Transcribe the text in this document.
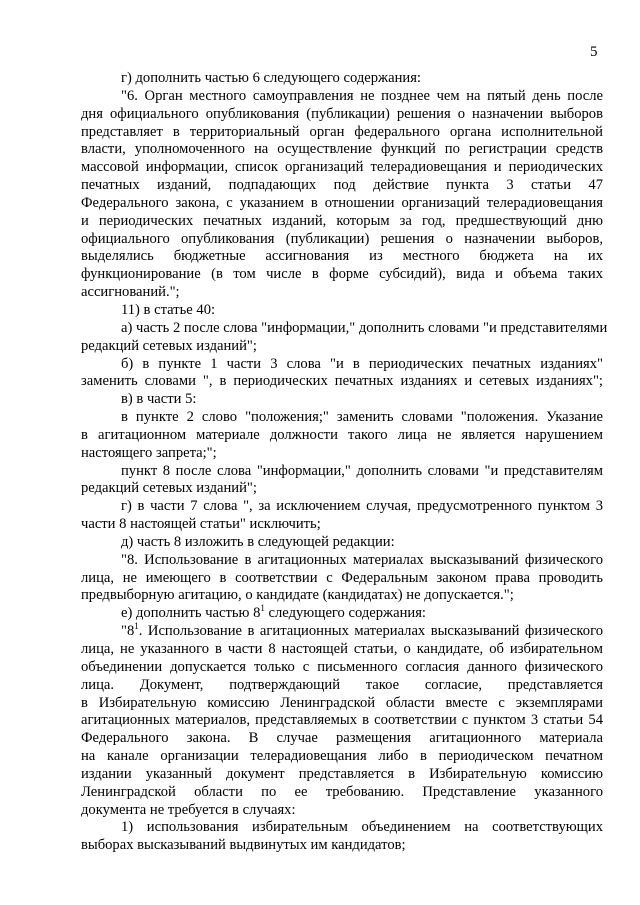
5
г) дополнить частью 6 следующего содержания:
"6. Орган местного самоуправления не позднее чем на пятый день после
дня официального опубликования (публикации) решения о назначении выборов
представляет в территориальный орган федерального органа исполнительной
власти, уполномоченного на осуществление функций по регистрации средств
массовой информации, список организаций телерадиовещания и периодических
печатных изданий, подпадающих под действие пункта 3 статьи 47
Федерального закона, с указанием в отношении организаций телерадиовещания
и периодических печатных изданий, которым за год, предшествующий дню
официального опубликования (публикации) решения о назначении выборов,
выделялись бюджетные ассигнования из местного бюджета на их
функционирование (в том числе в форме субсидий), вида и объема таких
ассигнований.";
11) в статье 40:
а) часть 2 после слова "информации," дополнить словами "и представителями
редакций сетевых изданий";
б) в пункте 1 части 3 слова "и в периодических печатных изданиях"
заменить словами ", в периодических печатных изданиях и сетевых изданиях";
в) в части 5:
в пункте 2 слово "положения;" заменить словами "положения. Указание
в агитационном материале должности такого лица не является нарушением
настоящего запрета;";
пункт 8 после слова "информации," дополнить словами "и представителям
редакций сетевых изданий";
г) в части 7 слова ", за исключением случая, предусмотренного пунктом 3
части 8 настоящей статьи" исключить;
д) часть 8 изложить в следующей редакции:
"8. Использование в агитационных материалах высказываний физического
лица, не имеющего в соответствии с Федеральным законом права проводить
предвыборную агитацию, о кандидате (кандидатах) не допускается.";
е) дополнить частью $8^1$ следующего содержания:
"$8^1$. Использование в агитационных материалах высказываний физического
лица, не указанного в части 8 настоящей статьи, о кандидате, об избирательном
объединении допускается только с письменного согласия данного физического
лица. Документ, подтверждающий такое согласие, представляется
в Избирательную комиссию Ленинградской области вместе с экземплярами
агитационных материалов, представляемых в соответствии с пунктом 3 статьи 54
Федерального закона. В случае размещения агитационного материала
на канале организации телерадиовещания либо в периодическом печатном
издании указанный документ представляется в Избирательную комиссию
Ленинградской области по ее требованию. Представление указанного
документа не требуется в случаях:
1) использования избирательным объединением на соответствующих
выборах высказываний выдвинутых им кандидатов;
